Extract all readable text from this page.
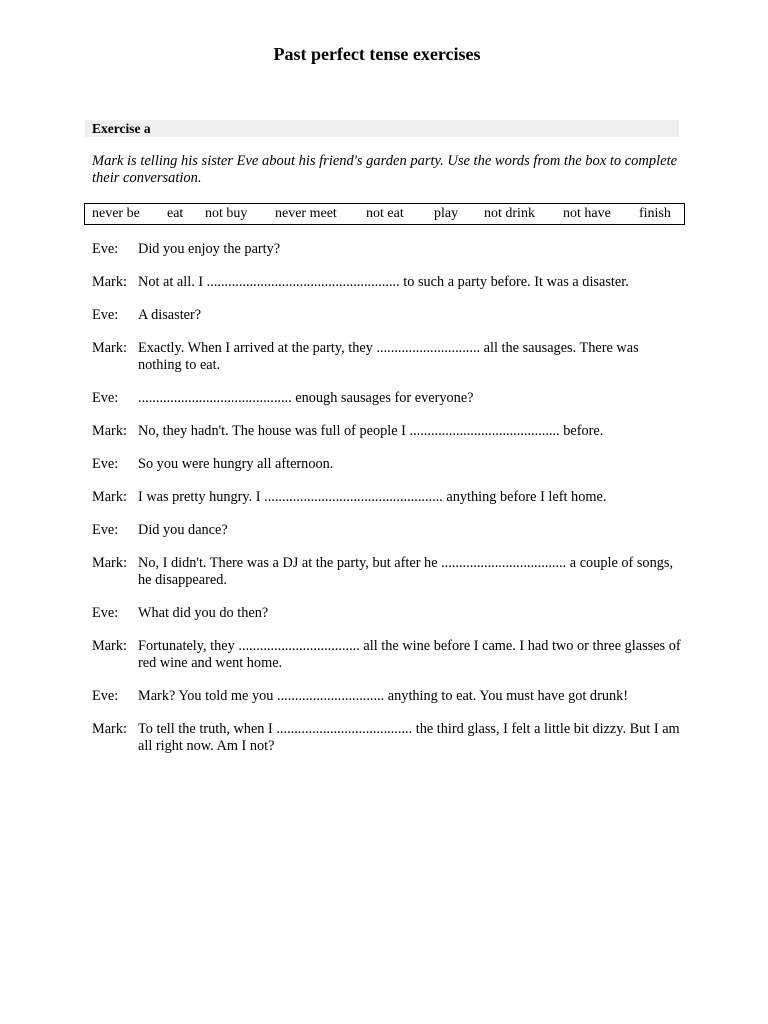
Past perfect tense exercises
Exercise a
Mark is telling his sister Eve about his friend's garden party. Use the words from the box to complete their conversation.
never be eat not buy never meet not eat play not drink not have finish
Eve:	Did you enjoy the party?
Mark: Not at all. I ...................................................... to such a party before. It was a disaster.
Eve:	A disaster?
Mark: Exactly. When I arrived at the party, they ............................. all the sausages. There was nothing to eat.
Eve:	........................................... enough sausages for everyone?
Mark: No, they hadn't. The house was full of people I .......................................... before.
Eve:	So you were hungry all afternoon.
Mark: I was pretty hungry. I .................................................. anything before I left home.
Eve:	Did you dance?
Mark: No, I didn't. There was a DJ at the party, but after he ................................... a couple of songs, he disappeared.
Eve:	What did you do then?
Mark: Fortunately, they .................................. all the wine before I came. I had two or three glasses of red wine and went home.
Eve:	Mark? You told me you .............................. anything to eat. You must have got drunk!
Mark: To tell the truth, when I ...................................... the third glass, I felt a little bit dizzy. But I am all right now. Am I not?
